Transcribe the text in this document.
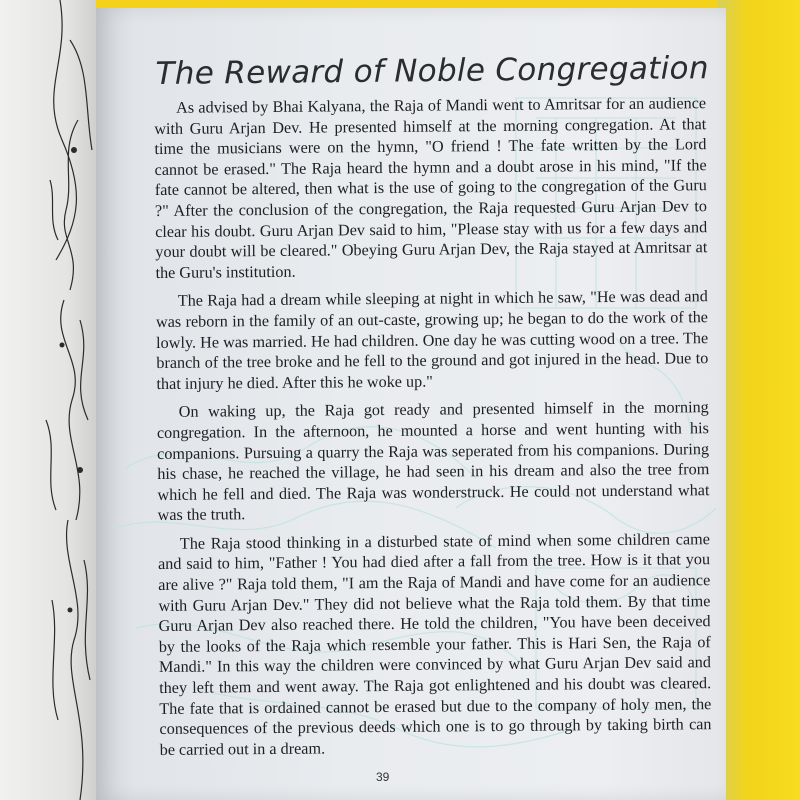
The Reward of Noble Congregation

As advised by Bhai Kalyana, the Raja of Mandi went to Amritsar for an audience with Guru Arjan Dev. He presented himself at the morning congregation. At that time the musicians were on the hymn, "O friend ! The fate written by the Lord cannot be erased." The Raja heard the hymn and a doubt arose in his mind, "If the fate cannot be altered, then what is the use of going to the congregation of the Guru ?" After the conclusion of the congregation, the Raja requested Guru Arjan Dev to clear his doubt. Guru Arjan Dev said to him, "Please stay with us for a few days and your doubt will be cleared." Obeying Guru Arjan Dev, the Raja stayed at Amritsar at the Guru's institution.

The Raja had a dream while sleeping at night in which he saw, "He was dead and was reborn in the family of an out-caste, growing up; he began to do the work of the lowly. He was married. He had children. One day he was cutting wood on a tree. The branch of the tree broke and he fell to the ground and got injured in the head. Due to that injury he died. After this he woke up."

On waking up, the Raja got ready and presented himself in the morning congregation. In the afternoon, he mounted a horse and went hunting with his companions. Pursuing a quarry the Raja was seperated from his companions. During his chase, he reached the village, he had seen in his dream and also the tree from which he fell and died. The Raja was wonderstruck. He could not understand what was the truth.

The Raja stood thinking in a disturbed state of mind when some children came and said to him, "Father ! You had died after a fall from the tree. How is it that you are alive ?" Raja told them, "I am the Raja of Mandi and have come for an audience with Guru Arjan Dev." They did not believe what the Raja told them. By that time Guru Arjan Dev also reached there. He told the children, "You have been deceived by the looks of the Raja which resemble your father. This is Hari Sen, the Raja of Mandi." In this way the children were convinced by what Guru Arjan Dev said and they left them and went away. The Raja got enlightened and his doubt was cleared. The fate that is ordained cannot be erased but due to the company of holy men, the consequences of the previous deeds which one is to go through by taking birth can be carried out in a dream.

39
